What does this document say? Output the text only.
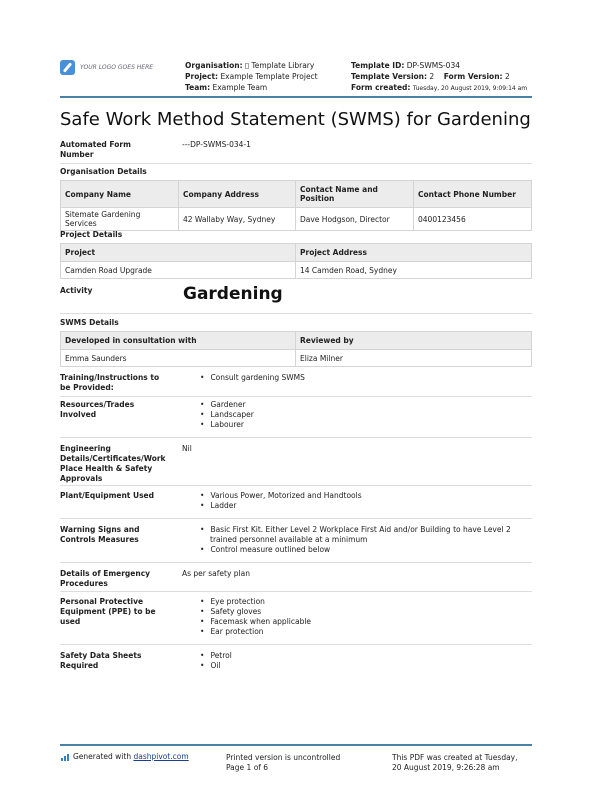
YOUR LOGO GOES HERE	Organisation: ▯ Template Library
Project: Example Template Project
Team: Example Team
Template ID: DP-SWMS-034
Template Version: 2 Form Version: 2
Form created: Tuesday, 20 August 2019, 9:09:14 am
Safe Work Method Statement (SWMS) for Gardening
Automated Form Number
---DP-SWMS-034-1
Organisation Details
Company Name	Company Address	Contact Name and Position	Contact Phone Number
Sitemate Gardening Services	42 Wallaby Way, Sydney	Dave Hodgson, Director	0400123456
Project Details
Project	Project Address
Camden Road Upgrade	14 Camden Road, Sydney
Activity	Gardening
SWMS Details
Developed in consultation with	Reviewed by
Emma Saunders	Eliza Milner
Training/Instructions to be Provided:
• Consult gardening SWMS
Resources/Trades Involved
• Gardener
• Landscaper
• Labourer
Engineering Details/Certificates/Work Place Health & Safety Approvals
Nil
Plant/Equipment Used	• Various Power, Motorized and Handtools
• Ladder
Warning Signs and Controls Measures
• Basic First Kit. Either Level 2 Workplace First Aid and/or Building to have Level 2 trained personnel available at a minimum
• Control measure outlined below
Details of Emergency Procedures
As per safety plan
Personal Protective Equipment (PPE) to be used
• Eye protection
• Safety gloves
• Facemask when applicable
• Ear protection
Safety Data Sheets Required
• Petrol
• Oil
Generated with dashpivot.com	Printed version is uncontrolled
Page 1 of 6
This PDF was created at Tuesday, 20 August 2019, 9:26:28 am
